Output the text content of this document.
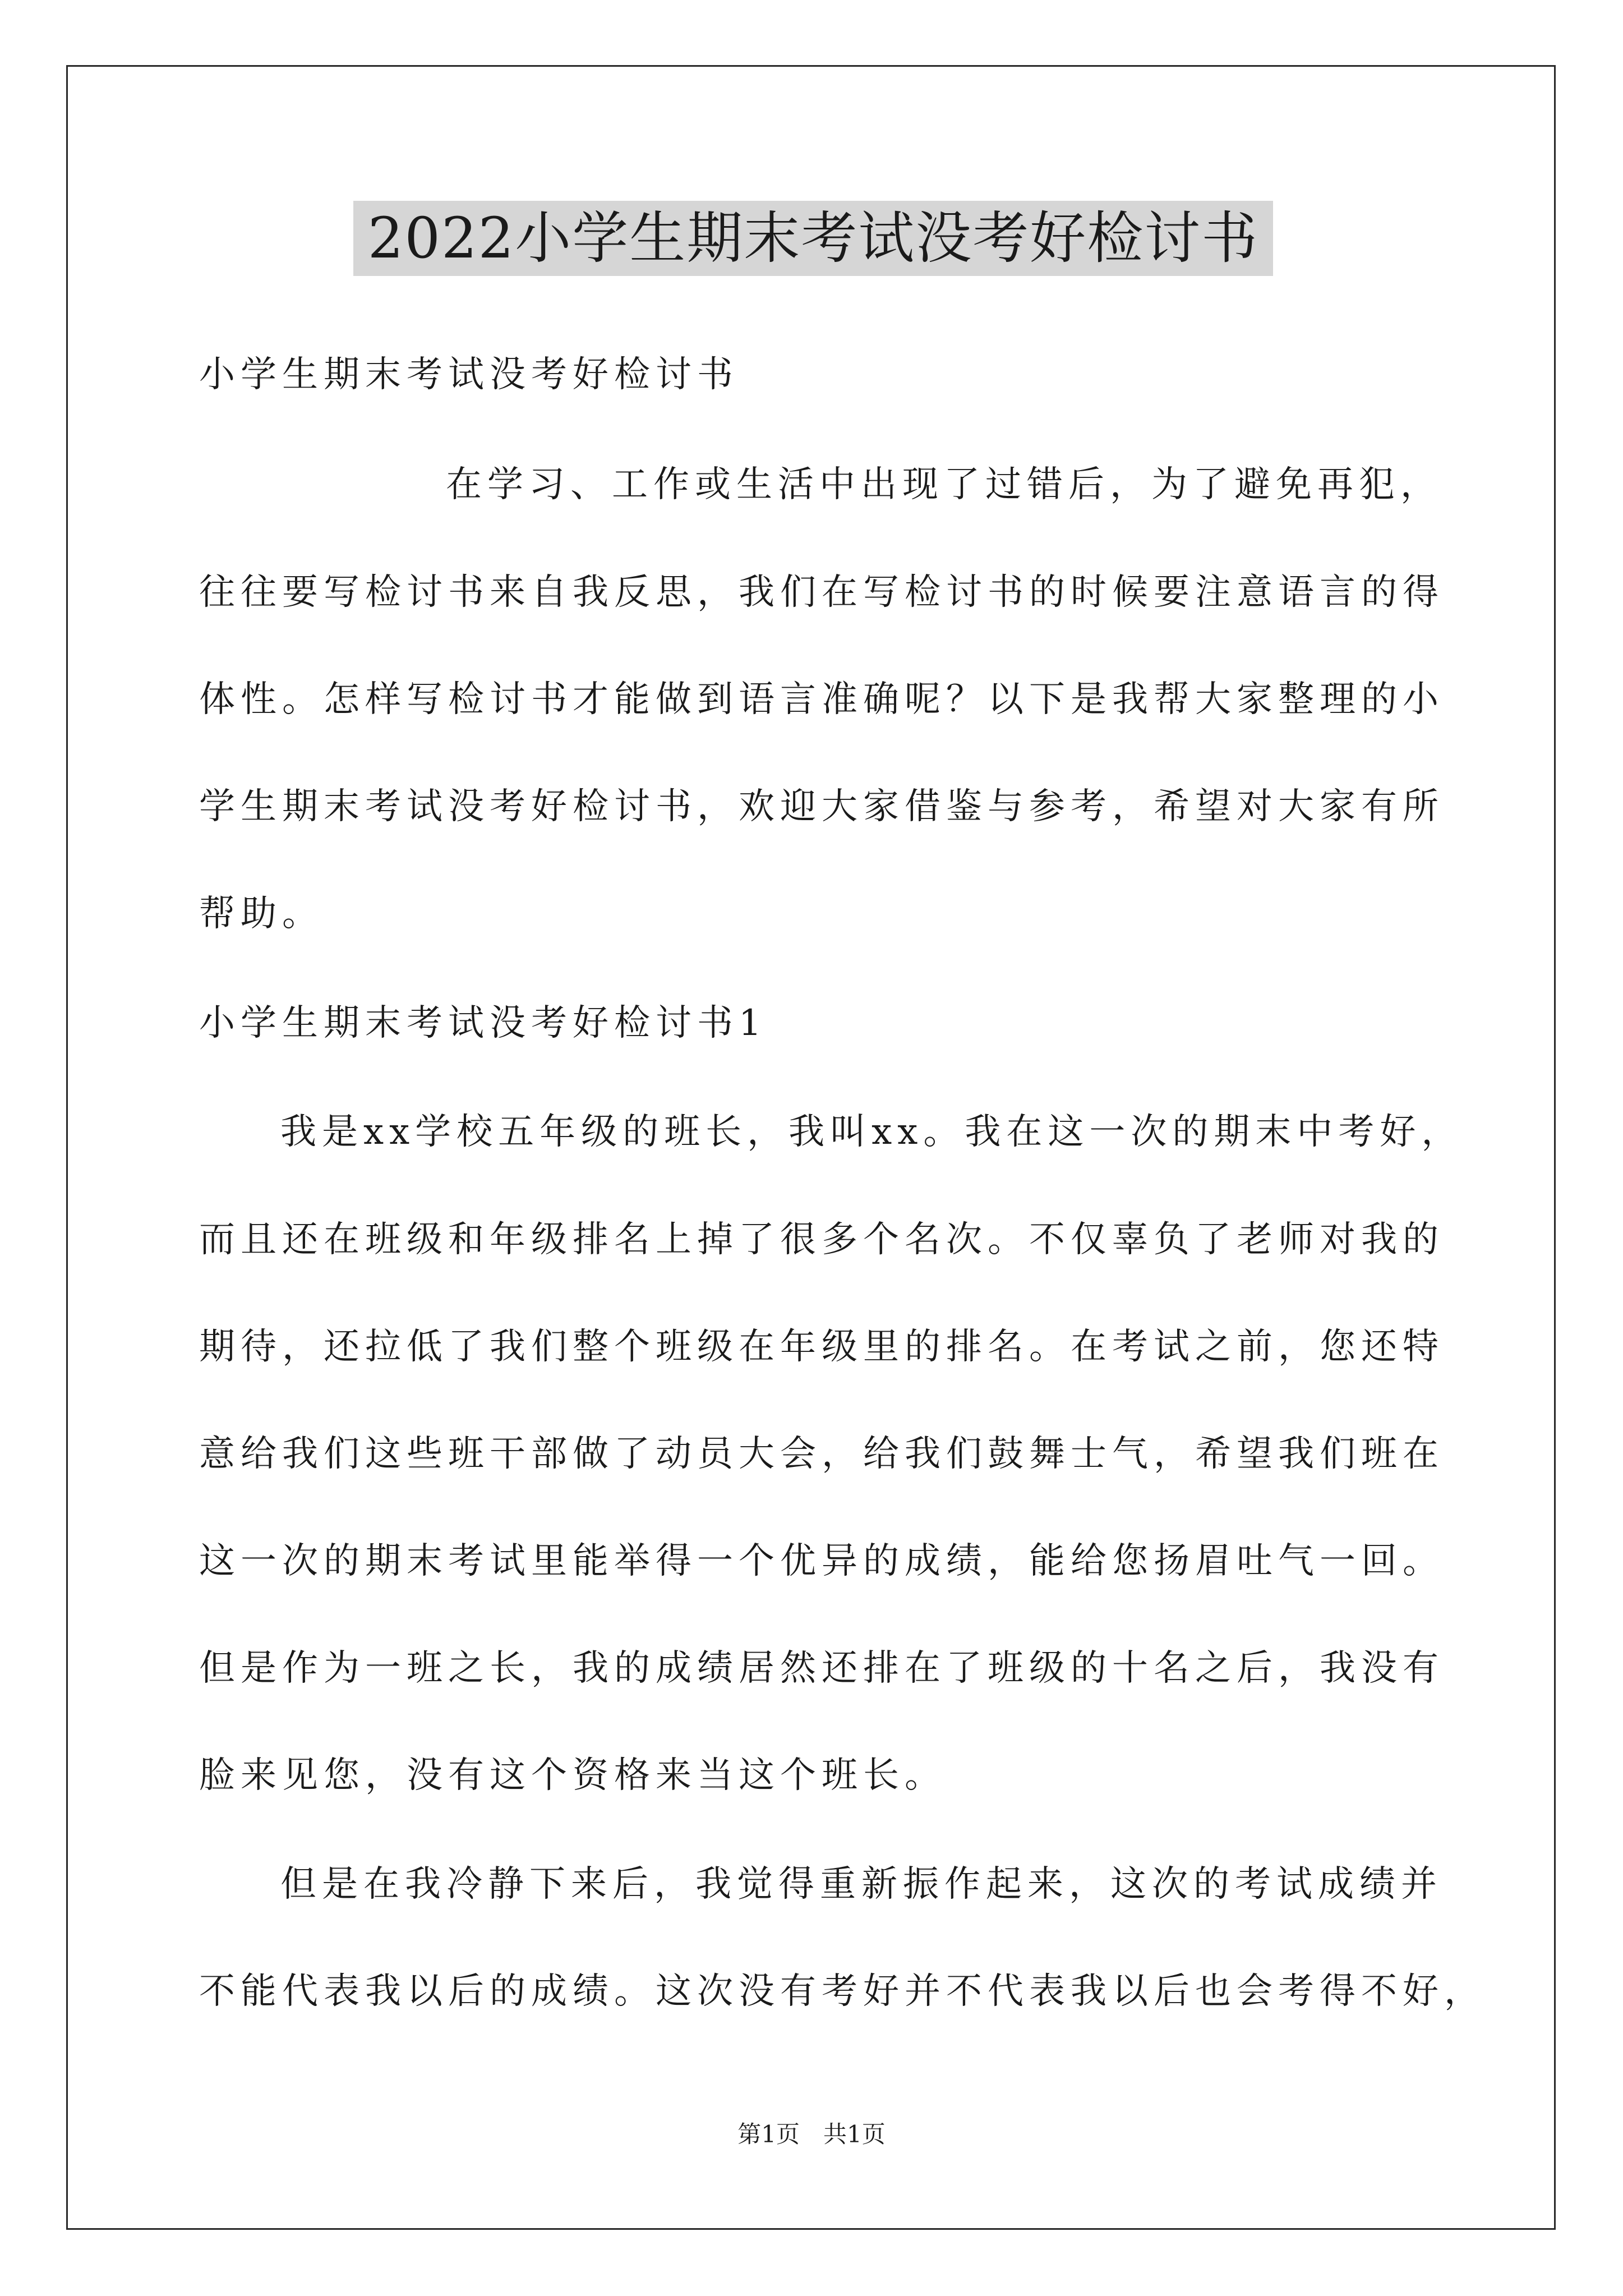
2022小学生期末考试没考好检讨书
小学生期末考试没考好检讨书
在学习、工作或生活中出现了过错后，为了避免再犯，
往往要写检讨书来自我反思，我们在写检讨书的时候要注意语言的得
体性。怎样写检讨书才能做到语言准确呢？以下是我帮大家整理的小
学生期末考试没考好检讨书，欢迎大家借鉴与参考，希望对大家有所
帮助。
小学生期末考试没考好检讨书1
我是xx学校五年级的班长，我叫xx。我在这一次的期末中考好，
而且还在班级和年级排名上掉了很多个名次。不仅辜负了老师对我的
期待，还拉低了我们整个班级在年级里的排名。在考试之前，您还特
意给我们这些班干部做了动员大会，给我们鼓舞士气，希望我们班在
这一次的期末考试里能举得一个优异的成绩，能给您扬眉吐气一回。
但是作为一班之长，我的成绩居然还排在了班级的十名之后，我没有
脸来见您，没有这个资格来当这个班长。
但是在我冷静下来后，我觉得重新振作起来，这次的考试成绩并
不能代表我以后的成绩。这次没有考好并不代表我以后也会考得不好，
第1页　共1页
